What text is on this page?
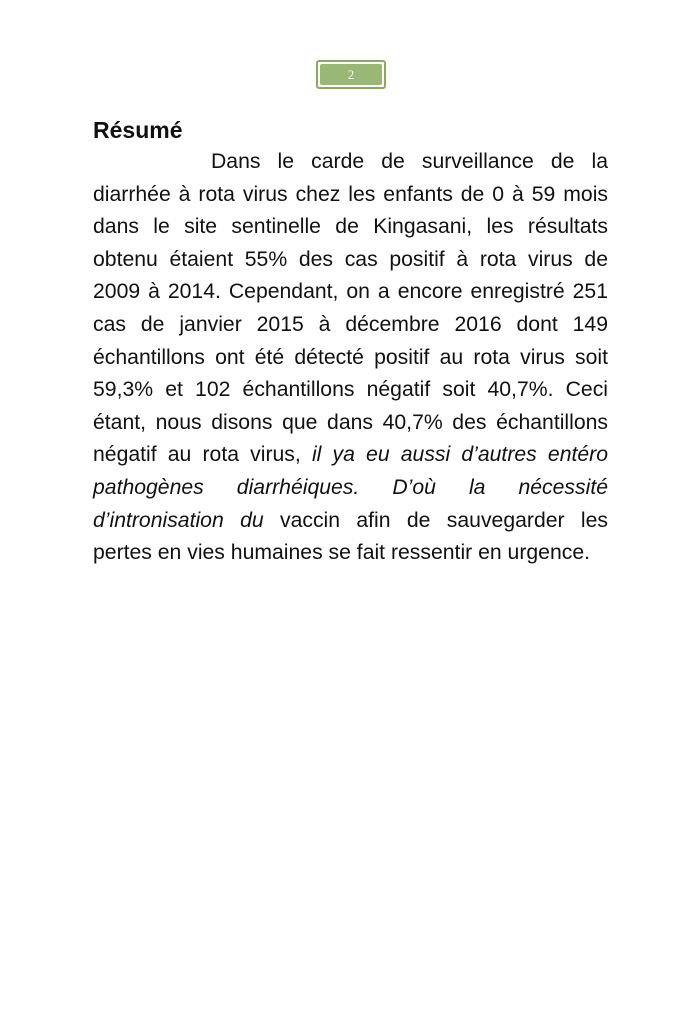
2
Résumé

Dans le carde de surveillance de la diarrhée à rota virus chez les enfants de 0 à 59 mois dans le site sentinelle de Kingasani, les résultats obtenu étaient 55% des cas positif à rota virus de 2009 à 2014. Cependant, on a encore enregistré 251 cas de janvier 2015 à décembre 2016 dont 149 échantillons ont été détecté positif au rota virus soit 59,3% et 102 échantillons négatif soit 40,7%. Ceci étant, nous disons que dans 40,7% des échantillons négatif au rota virus, il ya eu aussi d’autres entéro pathogènes diarrhéiques. D’où la nécessité d’intronisation du vaccin afin de sauvegarder les pertes en vies humaines se fait ressentir en urgence.
